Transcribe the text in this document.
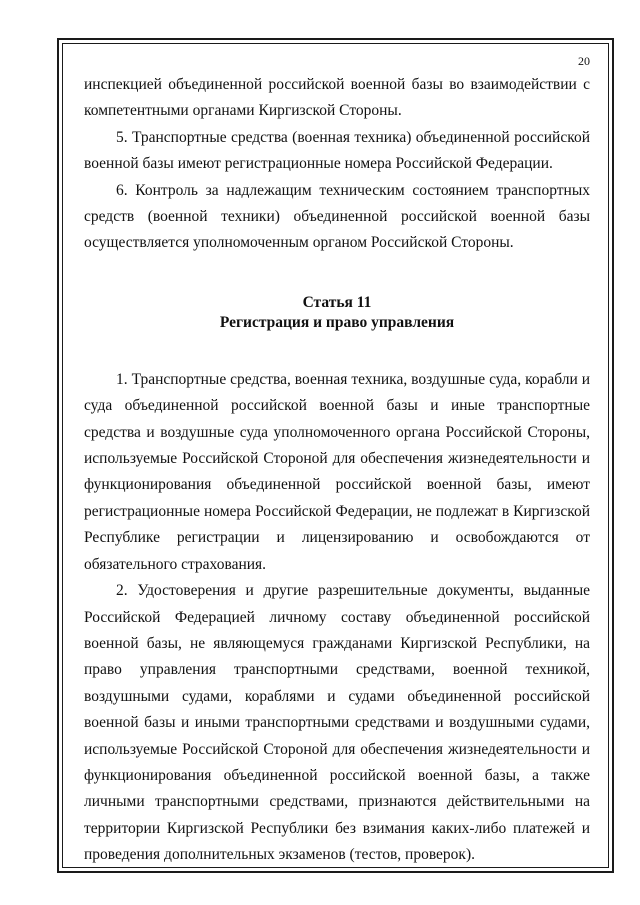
20

инспекцией объединенной российской военной базы во взаимодействии с компетентными органами Киргизской Стороны.

5. Транспортные средства (военная техника) объединенной российской военной базы имеют регистрационные номера Российской Федерации.

6. Контроль за надлежащим техническим состоянием транспортных средств (военной техники) объединенной российской военной базы осуществляется уполномоченным органом Российской Стороны.

Статья 11
Регистрация и право управления

1. Транспортные средства, военная техника, воздушные суда, корабли и суда объединенной российской военной базы и иные транспортные средства и воздушные суда уполномоченного органа Российской Стороны, используемые Российской Стороной для обеспечения жизнедеятельности и функционирования объединенной российской военной базы, имеют регистрационные номера Российской Федерации, не подлежат в Киргизской Республике регистрации и лицензированию и освобождаются от обязательного страхования.

2. Удостоверения и другие разрешительные документы, выданные Российской Федерацией личному составу объединенной российской военной базы, не являющемуся гражданами Киргизской Республики, на право управления транспортными средствами, военной техникой, воздушными судами, кораблями и судами объединенной российской военной базы и иными транспортными средствами и воздушными судами, используемые Российской Стороной для обеспечения жизнедеятельности и функционирования объединенной российской военной базы, а также личными транспортными средствами, признаются действительными на территории Киргизской Республики без взимания каких-либо платежей и проведения дополнительных экзаменов (тестов, проверок).
